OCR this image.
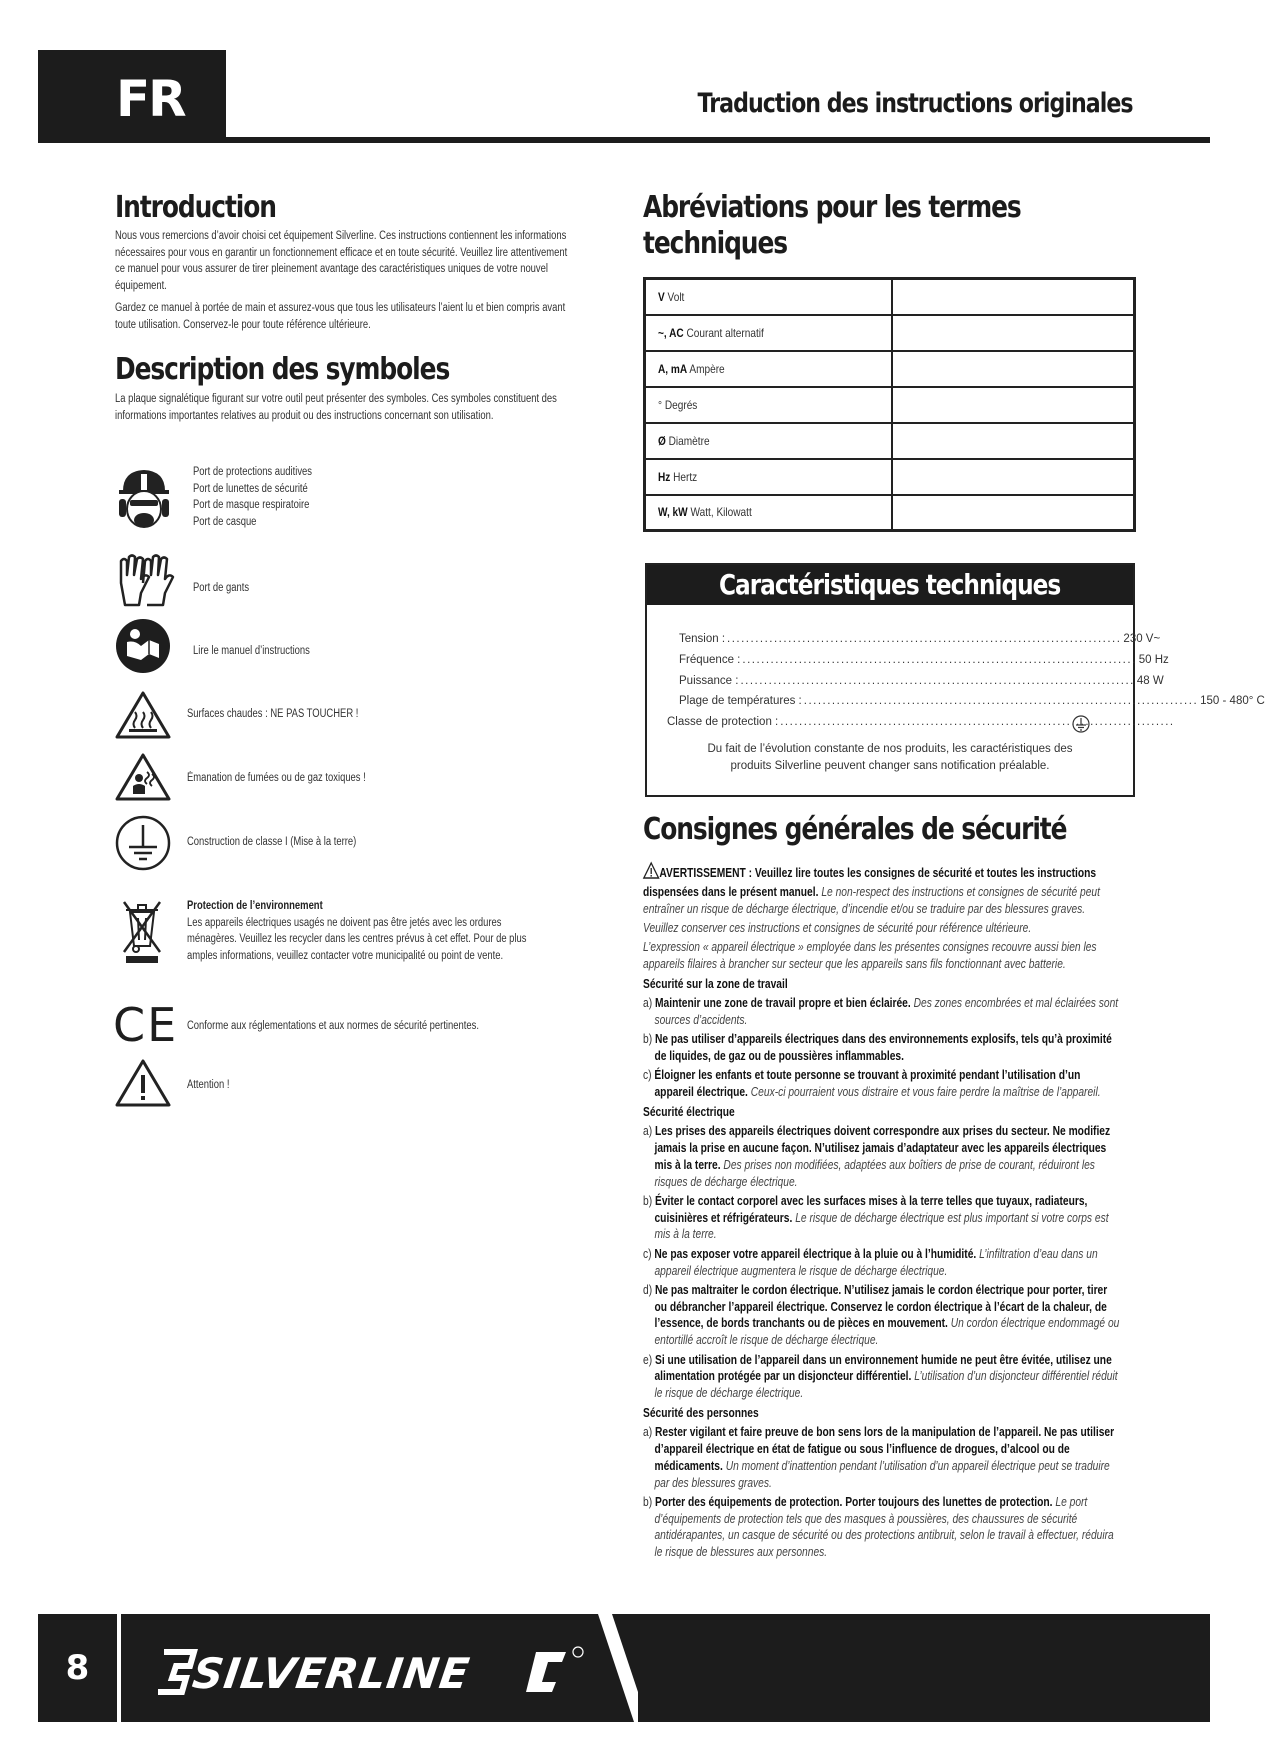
FR	Traduction des instructions originales
Introduction
Nous vous remercions d’avoir choisi cet équipement Silverline. Ces instructions contiennent les informations nécessaires pour vous en garantir un fonctionnement efficace et en toute sécurité. Veuillez lire attentivement ce manuel pour vous assurer de tirer pleinement avantage des caractéristiques uniques de votre nouvel équipement.
Gardez ce manuel à portée de main et assurez-vous que tous les utilisateurs l’aient lu et bien compris avant toute utilisation. Conservez-le pour toute référence ultérieure.
Description des symboles
La plaque signalétique figurant sur votre outil peut présenter des symboles. Ces symboles constituent des informations importantes relatives au produit ou des instructions concernant son utilisation.
Port de protections auditives
Port de lunettes de sécurité
Port de masque respiratoire
Port de casque
Port de gants
Lire le manuel d’instructions
Surfaces chaudes : NE PAS TOUCHER !
Émanation de fumées ou de gaz toxiques !
Construction de classe I (Mise à la terre)
Protection de l’environnement
Les appareils électriques usagés ne doivent pas être jetés avec les ordures
ménagères. Veuillez les recycler dans les centres prévus à cet effet. Pour de plus
amples informations, veuillez contacter votre municipalité ou point de vente.
CE Conforme aux réglementations et aux normes de sécurité pertinentes.
Attention !
Abréviations pour les termes
techniques
V Volt	
~, AC Courant alternatif	
A, mA Ampère	
° Degrés	
Ø Diamètre	
Hz Hertz	
W, kW Watt, Kilowatt	
Caractéristiques techniques
Tension : .................................................................................... 230 V~
Fréquence : .................................................................................... 50 Hz
Puissance : .................................................................................... 48 W
Plage de températures : .................................................................................... 150 - 480° C
Classe de protection : ....................................................................................
Du fait de l’évolution constante de nos produits, les caractéristiques des produits Silverline peuvent changer sans notification préalable.
Consignes générales de sécurité

AVERTISSEMENT : Veuillez lire toutes les consignes de sécurité et toutes les instructions dispensées dans le présent manuel. Le non-respect des instructions et consignes de sécurité peut entraîner un risque de décharge électrique, d’incendie et/ou se traduire par des blessures graves.

Veuillez conserver ces instructions et consignes de sécurité pour référence ultérieure.

L’expression « appareil électrique » employée dans les présentes consignes recouvre aussi bien les appareils filaires à brancher sur secteur que les appareils sans fils fonctionnant avec batterie.

Sécurité sur la zone de travail

a) Maintenir une zone de travail propre et bien éclairée. Des zones encombrées et mal éclairées sont sources d’accidents.

b) Ne pas utiliser d’appareils électriques dans des environnements explosifs, tels qu’à proximité de liquides, de gaz ou de poussières inflammables.

c) Éloigner les enfants et toute personne se trouvant à proximité pendant l’utilisation d’un appareil électrique. Ceux-ci pourraient vous distraire et vous faire perdre la maîtrise de l’appareil.

Sécurité électrique

a) Les prises des appareils électriques doivent correspondre aux prises du secteur. Ne modifiez jamais la prise en aucune façon. N’utilisez jamais d’adaptateur avec les appareils électriques mis à la terre. Des prises non modifiées, adaptées aux boîtiers de prise de courant, réduiront les risques de décharge électrique.

b) Éviter le contact corporel avec les surfaces mises à la terre telles que tuyaux, radiateurs, cuisinières et réfrigérateurs. Le risque de décharge électrique est plus important si votre corps est mis à la terre.

c) Ne pas exposer votre appareil électrique à la pluie ou à l’humidité. L’infiltration d’eau dans un appareil électrique augmentera le risque de décharge électrique.

d) Ne pas maltraiter le cordon électrique. N’utilisez jamais le cordon électrique pour porter, tirer ou débrancher l’appareil électrique. Conservez le cordon électrique à l’écart de la chaleur, de l’essence, de bords tranchants ou de pièces en mouvement. Un cordon électrique endommagé ou entortillé accroît le risque de décharge électrique.

e) Si une utilisation de l’appareil dans un environnement humide ne peut être évitée, utilisez une alimentation protégée par un disjoncteur différentiel. L’utilisation d’un disjoncteur différentiel réduit le risque de décharge électrique.

Sécurité des personnes

a) Rester vigilant et faire preuve de bon sens lors de la manipulation de l’appareil. Ne pas utiliser d’appareil électrique en état de fatigue ou sous l’influence de drogues, d’alcool ou de médicaments. Un moment d’inattention pendant l’utilisation d’un appareil électrique peut se traduire par des blessures graves.

b) Porter des équipements de protection. Porter toujours des lunettes de protection. Le port d’équipements de protection tels que des masques à poussières, des chaussures de sécurité antidérapantes, un casque de sécurité ou des protections antibruit, selon le travail à effectuer, réduira le risque de blessures aux personnes.

8	SILVERLINE
